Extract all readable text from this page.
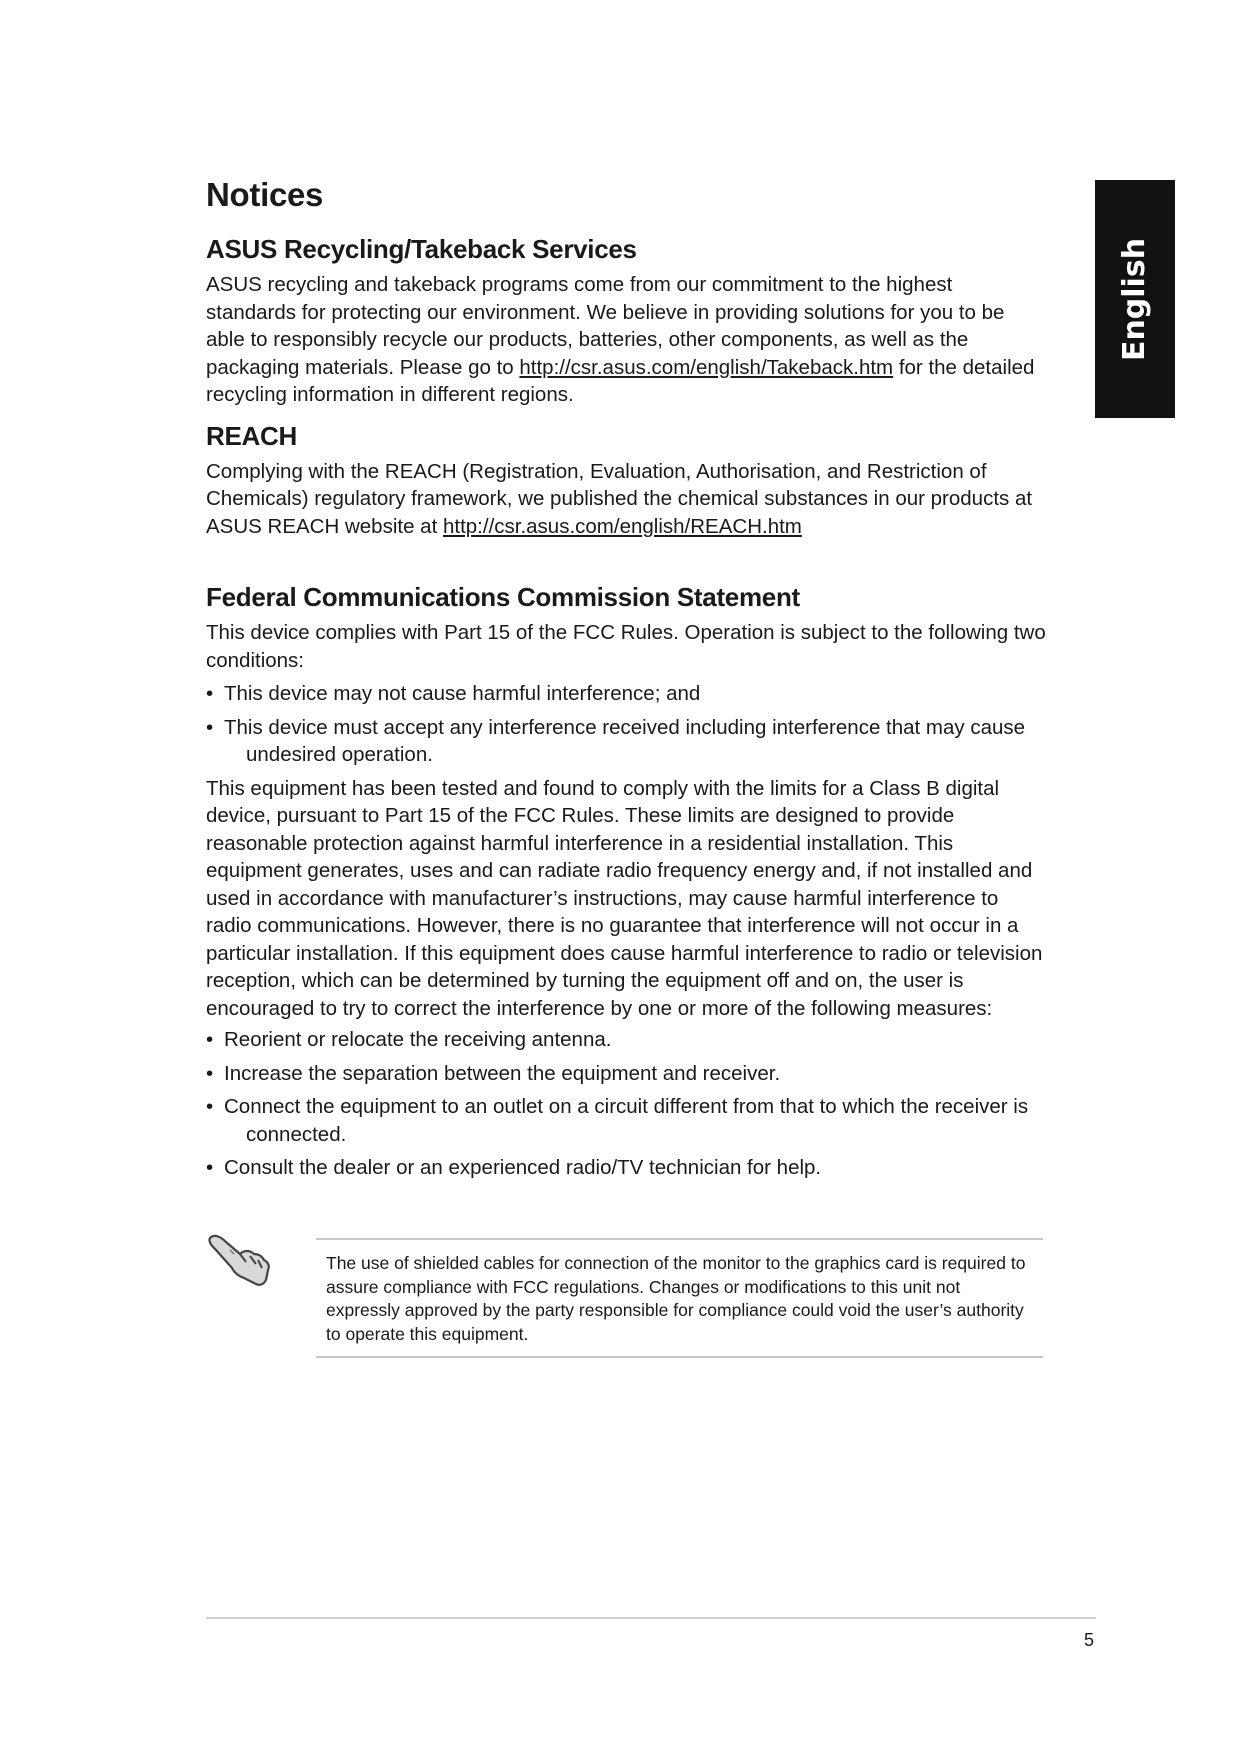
English
Notices
ASUS Recycling/Takeback Services

ASUS recycling and takeback programs come from our commitment to the highest standards for protecting our environment. We believe in providing solutions for you to be able to responsibly recycle our products, batteries, other components, as well as the packaging materials. Please go to http://csr.asus.com/english/Takeback.htm for the detailed recycling information in different regions.

REACH

Complying with the REACH (Registration, Evaluation, Authorisation, and Restriction of Chemicals) regulatory framework, we published the chemical substances in our products at ASUS REACH website at http://csr.asus.com/english/REACH.htm

Federal Communications Commission Statement

This device complies with Part 15 of the FCC Rules. Operation is subject to the following two conditions:

• This device may not cause harmful interference; and
• This device must accept any interference received including interference that may cause
undesired operation.

This equipment has been tested and found to comply with the limits for a Class B digital device, pursuant to Part 15 of the FCC Rules. These limits are designed to provide reasonable protection against harmful interference in a residential installation. This equipment generates, uses and can radiate radio frequency energy and, if not installed and used in accordance with manufacturer’s instructions, may cause harmful interference to radio communications. However, there is no guarantee that interference will not occur in a particular installation. If this equipment does cause harmful interference to radio or television reception, which can be determined by turning the equipment off and on, the user is encouraged to try to correct the interference by one or more of the following measures:

• Reorient or relocate the receiving antenna.
• Increase the separation between the equipment and receiver.
• Connect the equipment to an outlet on a circuit different from that to which the receiver is
connected.
• Consult the dealer or an experienced radio/TV technician for help.

The use of shielded cables for connection of the monitor to the graphics card is required to assure compliance with FCC regulations. Changes or modifications to this unit not expressly approved by the party responsible for compliance could void the user’s authority to operate this equipment.

5
